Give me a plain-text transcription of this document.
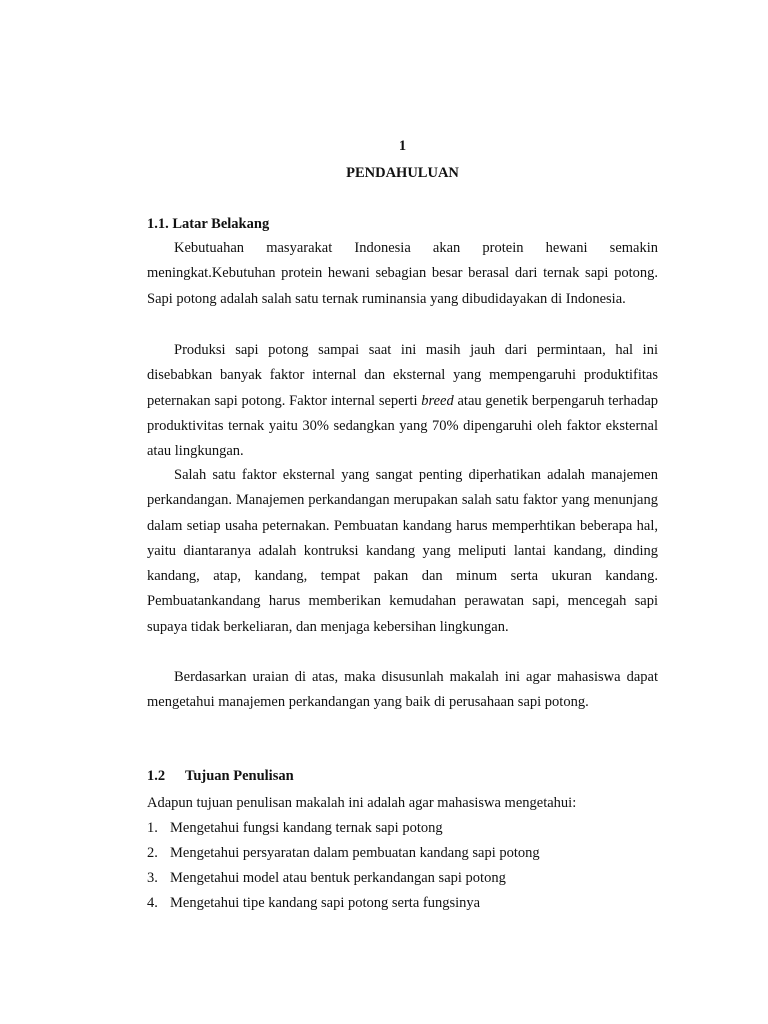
1
PENDAHULUAN
1.1. Latar Belakang

Kebutuahan masyarakat Indonesia akan protein hewani semakin meningkat.Kebutuhan protein hewani sebagian besar berasal dari ternak sapi potong. Sapi potong adalah salah satu ternak ruminansia yang dibudidayakan di Indonesia.

Produksi sapi potong sampai saat ini masih jauh dari permintaan, hal ini disebabkan banyak faktor internal dan eksternal yang mempengaruhi produktifitas peternakan sapi potong. Faktor internal seperti breed atau genetik berpengaruh terhadap produktivitas ternak yaitu 30% sedangkan yang 70% dipengaruhi oleh faktor eksternal atau lingkungan.

Salah satu faktor eksternal yang sangat penting diperhatikan adalah manajemen perkandangan. Manajemen perkandangan merupakan salah satu faktor yang menunjang dalam setiap usaha peternakan. Pembuatan kandang harus memperhtikan beberapa hal, yaitu diantaranya adalah kontruksi kandang yang meliputi lantai kandang, dinding kandang, atap, kandang, tempat pakan dan minum serta ukuran kandang. Pembuatankandang harus memberikan kemudahan perawatan sapi, mencegah sapi supaya tidak berkeliaran, dan menjaga kebersihan lingkungan.

Berdasarkan uraian di atas, maka disusunlah makalah ini agar mahasiswa dapat mengetahui manajemen perkandangan yang baik di perusahaan sapi potong.

1.2 Tujuan Penulisan
Adapun tujuan penulisan makalah ini adalah agar mahasiswa mengetahui:
1. Mengetahui fungsi kandang ternak sapi potong
2. Mengetahui persyaratan dalam pembuatan kandang sapi potong
3. Mengetahui model atau bentuk perkandangan sapi potong
4. Mengetahui tipe kandang sapi potong serta fungsinya
